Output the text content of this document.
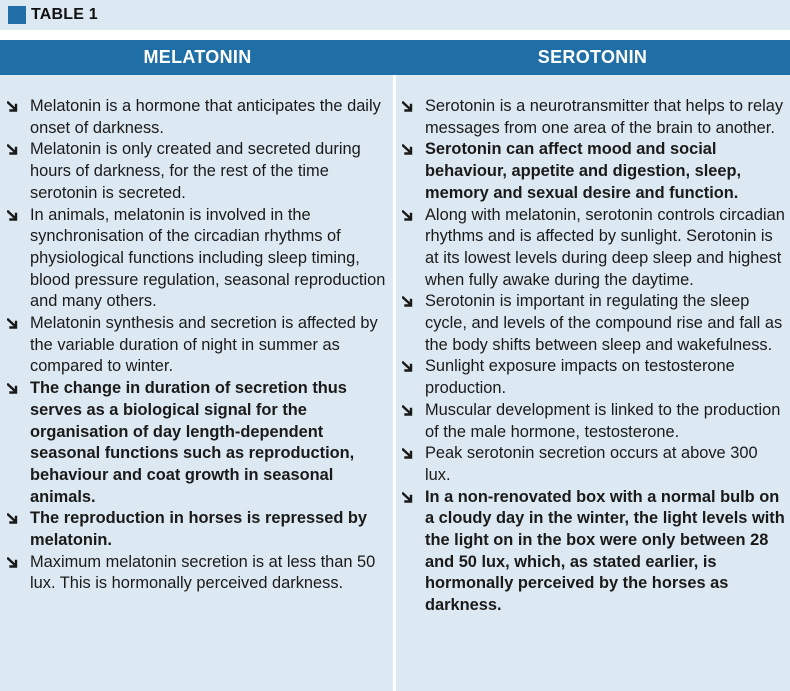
TABLE 1
MELATONIN	SEROTONIN
Melatonin is a hormone that anticipates the daily onset of darkness.
Melatonin is only created and secreted during hours of darkness, for the rest of the time serotonin is secreted.
In animals, melatonin is involved in the synchronisation of the circadian rhythms of physiological functions including sleep timing, blood pressure regulation, seasonal reproduction and many others.
Melatonin synthesis and secretion is affected by the variable duration of night in summer as compared to winter.
The change in duration of secretion thus serves as a biological signal for the organisation of day length-dependent seasonal functions such as reproduction, behaviour and coat growth in seasonal animals.
The reproduction in horses is repressed by melatonin.
Maximum melatonin secretion is at less than 50 lux. This is hormonally perceived darkness.
Serotonin is a neurotransmitter that helps to relay messages from one area of the brain to another.
Serotonin can affect mood and social behaviour, appetite and digestion, sleep, memory and sexual desire and function.
Along with melatonin, serotonin controls circadian rhythms and is affected by sunlight. Serotonin is at its lowest levels during deep sleep and highest when fully awake during the daytime.
Serotonin is important in regulating the sleep cycle, and levels of the compound rise and fall as the body shifts between sleep and wakefulness.
Sunlight exposure impacts on testosterone production.
Muscular development is linked to the production of the male hormone, testosterone.
Peak serotonin secretion occurs at above 300 lux.
In a non-renovated box with a normal bulb on a cloudy day in the winter, the light levels with the light on in the box were only between 28 and 50 lux, which, as stated earlier, is hormonally perceived by the horses as darkness.
